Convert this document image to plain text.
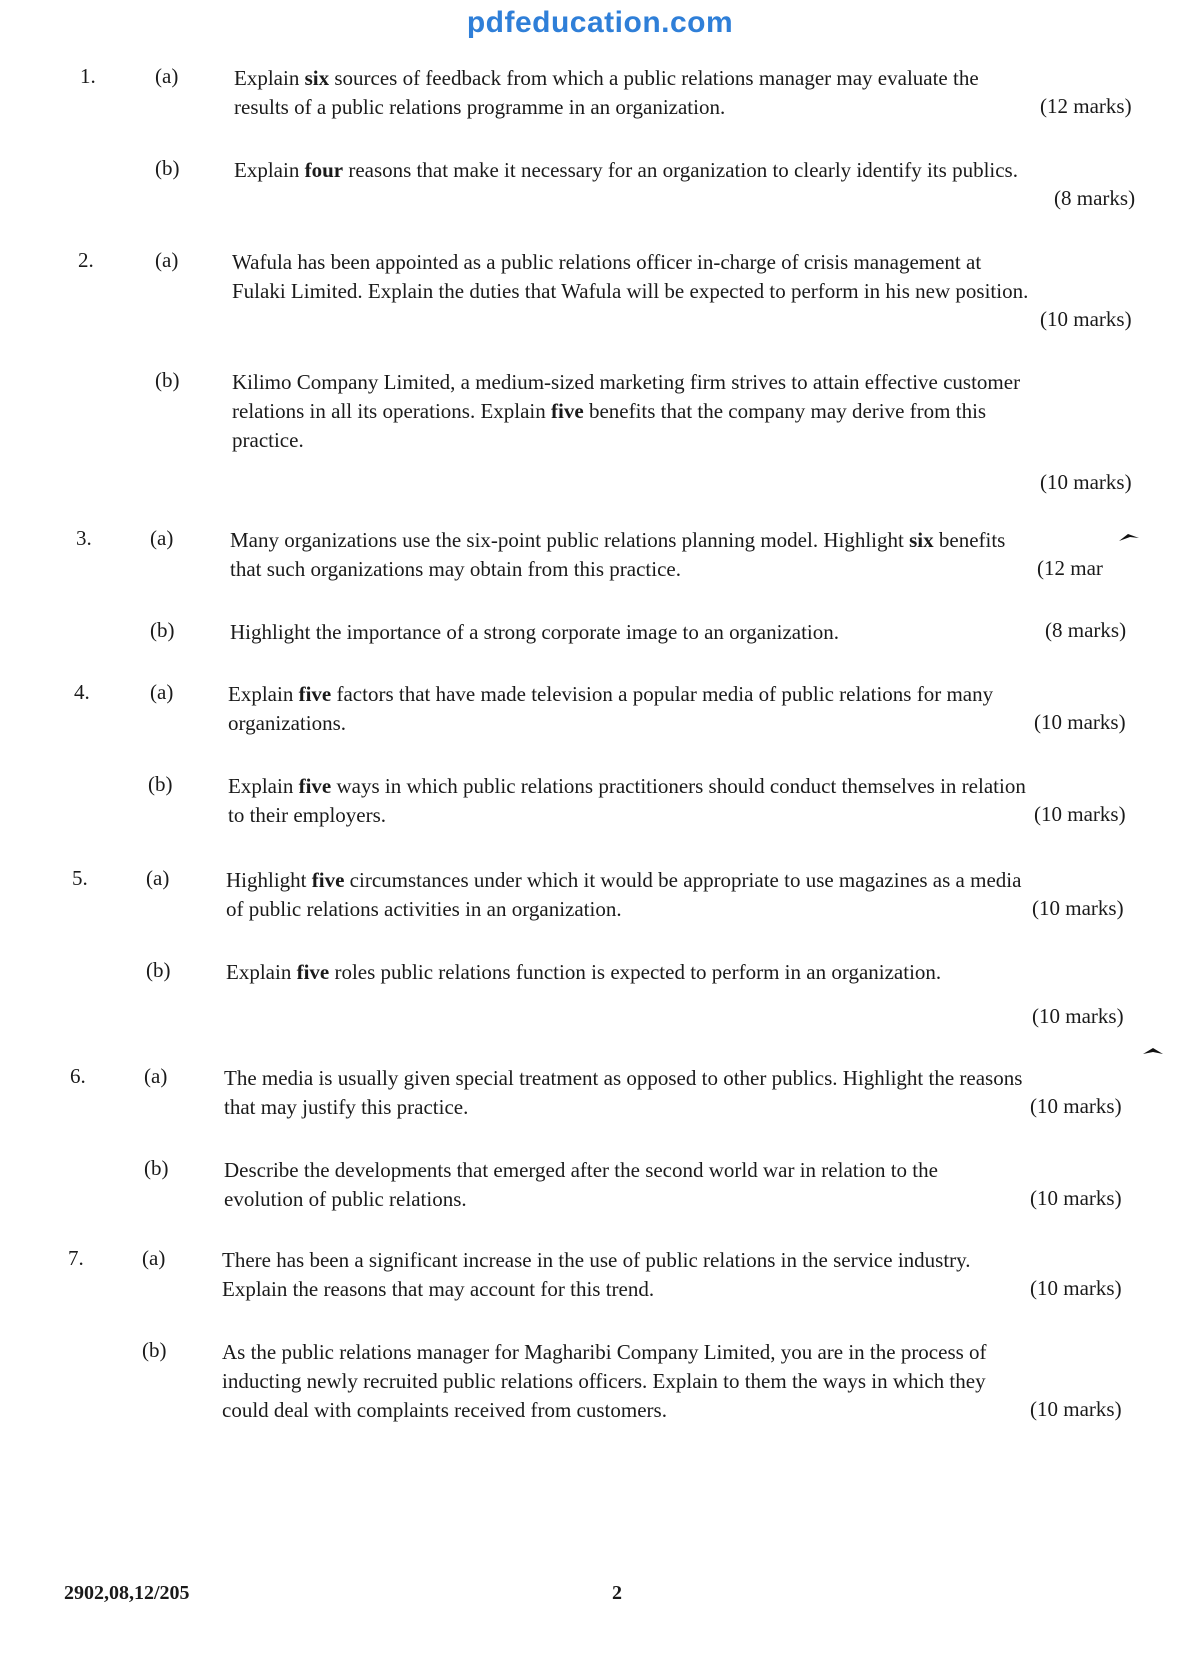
pdfeducation.com
1.	(a)	Explain six sources of feedback from which a public relations manager may evaluate the results of a public relations programme in an organization.	(12 marks)
(b)	Explain four reasons that make it necessary for an organization to clearly identify its publics.
(8 marks)
2.	(a)	Wafula has been appointed as a public relations officer in-charge of crisis management at Fulaki Limited. Explain the duties that Wafula will be expected to perform in his new position.
(10 marks)
(b)	Kilimo Company Limited, a medium-sized marketing firm strives to attain effective customer relations in all its operations. Explain five benefits that the company may derive from this practice.
(10 marks)
3.	(a)	Many organizations use the six-point public relations planning model. Highlight six benefits that such organizations may obtain from this practice.	(12 mar
(b)	Highlight the importance of a strong corporate image to an organization.	(8 marks)
4.	(a)	Explain five factors that have made television a popular media of public relations for many organizations.	(10 marks)
(b)	Explain five ways in which public relations practitioners should conduct themselves in relation to their employers.	(10 marks)
5.	(a)	Highlight five circumstances under which it would be appropriate to use magazines as a media of public relations activities in an organization.	(10 marks)
(b)	Explain five roles public relations function is expected to perform in an organization.
(10 marks)
6.	(a)	The media is usually given special treatment as opposed to other publics. Highlight the reasons that may justify this practice.	(10 marks)
(b)	Describe the developments that emerged after the second world war in relation to the evolution of public relations.	(10 marks)
7.	(a)	There has been a significant increase in the use of public relations in the service industry. Explain the reasons that may account for this trend.	(10 marks)
(b)	As the public relations manager for Magharibi Company Limited, you are in the process of inducting newly recruited public relations officers. Explain to them the ways in which they could deal with complaints received from customers.	(10 marks)
2902,08,12/205	2
